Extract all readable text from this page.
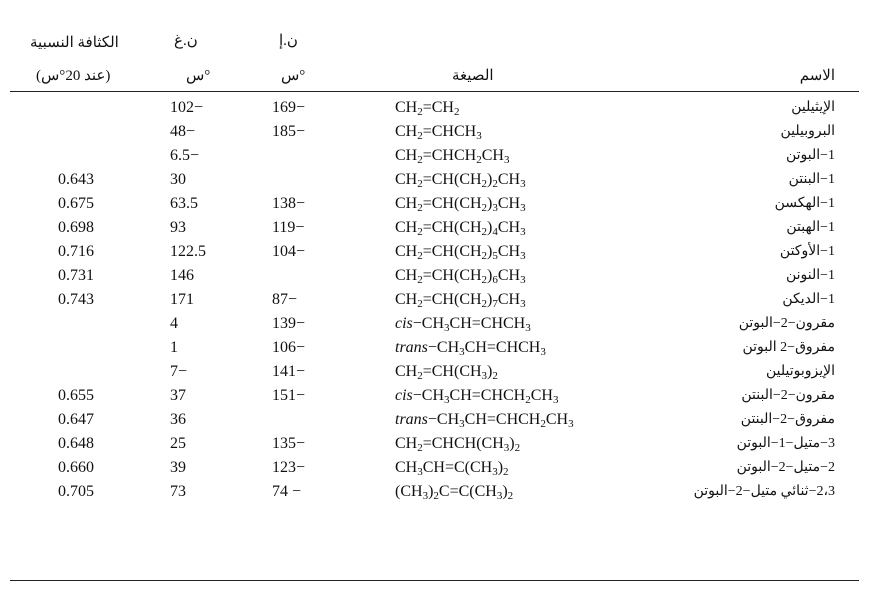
الكثافة النسبية
(عند 20°س)
ن.غ
°س
ن.إ
°س	الصيغة	الاسم
الإيثيلين
$CH_2=CH_2$
169−
102−
البروبيلين
$CH_2=CHCH_3$
185−
48−
1−البوتن
$CH_2=CHCH_2CH_3$
6.5−
1−البنتن
$CH_2=CH(CH_2)_2CH_3$
30
0.643
1−الهكسن
$CH_2=CH(CH_2)_3CH_3$
138−
63.5
0.675
1−الهبتن
$CH_2=CH(CH_2)_4CH_3$
119−
93
0.698
1−الأوكتن
$CH_2=CH(CH_2)_5CH_3$
104−
122.5
0.716
1−النونن
$CH_2=CH(CH_2)_6CH_3$
146
0.731
1−الديكن
$CH_2=CH(CH_2)_7CH_3$
87−
171
0.743
مقرون−2−البوتن
$cis-CH_3CH=CHCH_3$
139−
4
مفروق−2 البوتن
$trans-CH_3CH=CHCH_3$
106−
1
الإيزوبوتيلين
$CH_2=CH(CH_3)_2$
141−
7−
مقرون−2−البنتن
$cis-CH_3CH=CHCH_2CH_3$
151−
37
0.655
مفروق−2−البنتن
$trans-CH_3CH=CHCH_2CH_3$
36
0.647
3−متيل−1−البوتن
$CH_2=CHCH(CH_3)_2$
135−
25
0.648
2−متيل−2−البوتن
$CH_3CH=C(CH_3)_2$
123−
39
0.660
2،3−ثنائي متيل−2−البوتن
$(CH_3)_2C=C(CH_3)_2$
74 −
73
0.705
